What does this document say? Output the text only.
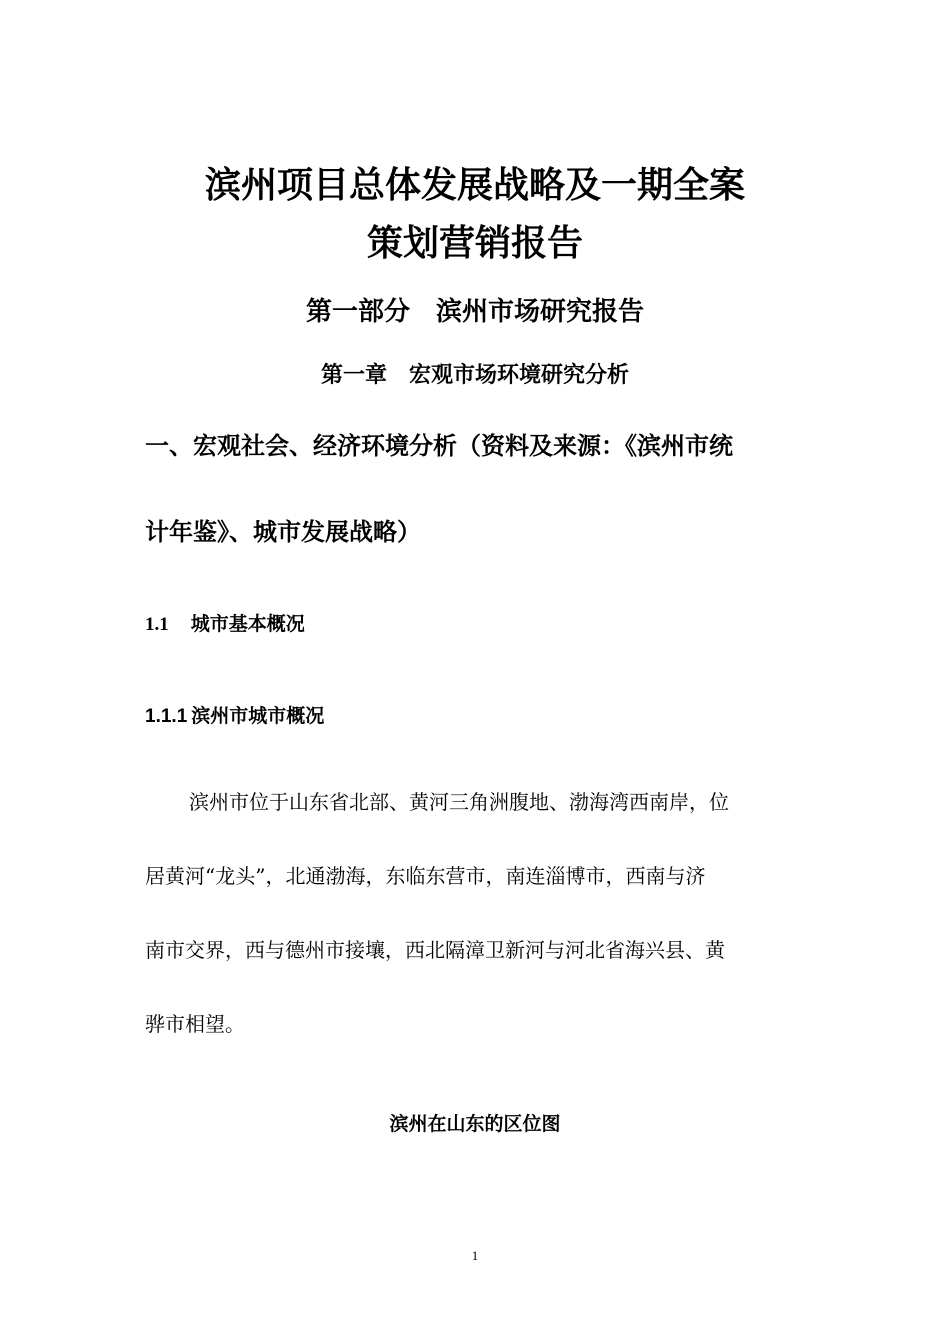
滨州项目总体发展战略及一期全案
策划营销报告
第一部分　滨州市场研究报告
第一章　宏观市场环境研究分析
一、宏观社会、经济环境分析（资料及来源：《滨州市统
计年鉴》、城市发展战略）
1.1 城市基本概况
1.1.1 滨州市城市概况
滨州市位于山东省北部、黄河三角洲腹地、渤海湾西南岸，位
居黄河“龙头”，北通渤海，东临东营市，南连淄博市，西南与济
南市交界，西与德州市接壤，西北隔漳卫新河与河北省海兴县、黄
骅市相望。
滨州在山东的区位图
1
